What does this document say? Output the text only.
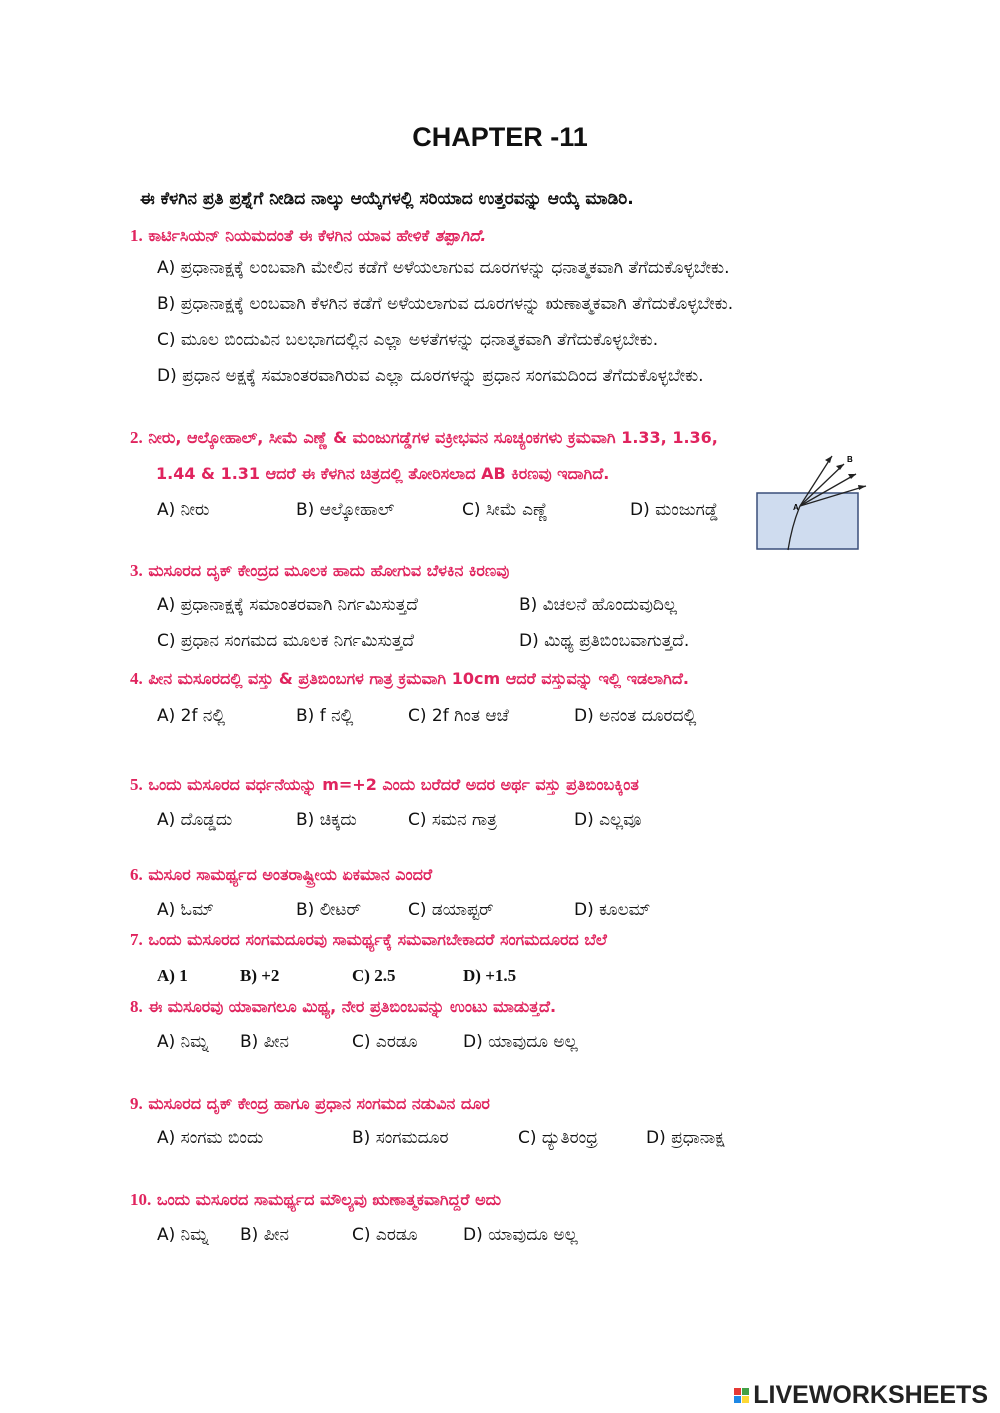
CHAPTER -11
ಈ ಕೆಳಗಿನ ಪ್ರತಿ ಪ್ರಶ್ನೆಗೆ ನೀಡಿದ ನಾಲ್ಕು ಆಯ್ಕೆಗಳಲ್ಲಿ ಸರಿಯಾದ ಉತ್ತರವನ್ನು ಆಯ್ಕೆ ಮಾಡಿರಿ.
1. ಕಾರ್ಟಿಸಿಯನ್ ನಿಯಮದಂತೆ ಈ ಕೆಳಗಿನ ಯಾವ ಹೇಳಿಕೆ ತಪ್ಪಾಗಿದೆ.
A) ಪ್ರಧಾನಾಕ್ಷಕ್ಕೆ ಲಂಬವಾಗಿ ಮೇಲಿನ ಕಡೆಗೆ ಅಳೆಯಲಾಗುವ ದೂರಗಳನ್ನು ಧನಾತ್ಮಕವಾಗಿ ತೆಗೆದುಕೊಳ್ಳಬೇಕು.
B) ಪ್ರಧಾನಾಕ್ಷಕ್ಕೆ ಲಂಬವಾಗಿ ಕೆಳಗಿನ ಕಡೆಗೆ ಅಳೆಯಲಾಗುವ ದೂರಗಳನ್ನು ಋಣಾತ್ಮಕವಾಗಿ ತೆಗೆದುಕೊಳ್ಳಬೇಕು.
C) ಮೂಲ ಬಿಂದುವಿನ ಬಲಭಾಗದಲ್ಲಿನ ಎಲ್ಲಾ ಅಳತೆಗಳನ್ನು ಧನಾತ್ಮಕವಾಗಿ ತೆಗೆದುಕೊಳ್ಳಬೇಕು.
D) ಪ್ರಧಾನ ಅಕ್ಷಕ್ಕೆ ಸಮಾಂತರವಾಗಿರುವ ಎಲ್ಲಾ ದೂರಗಳನ್ನು ಪ್ರಧಾನ ಸಂಗಮದಿಂದ ತೆಗೆದುಕೊಳ್ಳಬೇಕು.
2. ನೀರು, ಆಲ್ಕೋಹಾಲ್, ಸೀಮೆ ಎಣ್ಣೆ & ಮಂಜುಗಡ್ಡೆಗಳ ವಕ್ರೀಭವನ ಸೂಚ್ಯಂಕಗಳು ಕ್ರಮವಾಗಿ 1.33, 1.36,
1.44 & 1.31 ಆದರೆ ಈ ಕೆಳಗಿನ ಚಿತ್ರದಲ್ಲಿ ತೋರಿಸಲಾದ AB ಕಿರಣವು ಇದಾಗಿದೆ.
A) ನೀರು	B) ಆಲ್ಕೋಹಾಲ್	C) ಸೀಮೆ ಎಣ್ಣೆ	D) ಮಂಜುಗಡ್ಡೆ	A
B
3. ಮಸೂರದ ದೃಕ್ ಕೇಂದ್ರದ ಮೂಲಕ ಹಾದು ಹೋಗುವ ಬೆಳಕಿನ ಕಿರಣವು
A) ಪ್ರಧಾನಾಕ್ಷಕ್ಕೆ ಸಮಾಂತರವಾಗಿ ನಿರ್ಗಮಿಸುತ್ತದೆ	B) ವಿಚಲನೆ ಹೊಂದುವುದಿಲ್ಲ
C) ಪ್ರಧಾನ ಸಂಗಮದ ಮೂಲಕ ನಿರ್ಗಮಿಸುತ್ತದೆ	D) ಮಿಥ್ಯ ಪ್ರತಿಬಿಂಬವಾಗುತ್ತದೆ.
4. ಪೀನ ಮಸೂರದಲ್ಲಿ ವಸ್ತು & ಪ್ರತಿಬಿಂಬಗಳ ಗಾತ್ರ ಕ್ರಮವಾಗಿ 10cm ಆದರೆ ವಸ್ತುವನ್ನು ಇಲ್ಲಿ ಇಡಲಾಗಿದೆ.
A) 2f ನಲ್ಲಿ	B) f ನಲ್ಲಿ	C) 2f ಗಿಂತ ಆಚೆ	D) ಅನಂತ ದೂರದಲ್ಲಿ
5. ಒಂದು ಮಸೂರದ ವರ್ಧನೆಯನ್ನು m=+2 ಎಂದು ಬರೆದರೆ ಅದರ ಅರ್ಥ ವಸ್ತು ಪ್ರತಿಬಿಂಬಕ್ಕಿಂತ
A) ದೊಡ್ಡದು	B) ಚಿಕ್ಕದು	C) ಸಮನ ಗಾತ್ರ	D) ಎಲ್ಲವೂ
6. ಮಸೂರ ಸಾಮರ್ಥ್ಯದ ಅಂತರಾಷ್ಟ್ರೀಯ ಏಕಮಾನ ಎಂದರೆ
A) ಓಮ್	B) ಲೀಟರ್	C) ಡಯಾಪ್ಟರ್	D) ಕೂಲಮ್
7. ಒಂದು ಮಸೂರದ ಸಂಗಮದೂರವು ಸಾಮರ್ಥ್ಯಕ್ಕೆ ಸಮವಾಗಬೇಕಾದರೆ ಸಂಗಮದೂರದ ಬೆಲೆ
A) 1	B) +2	C) 2.5	D) +1.5
8. ಈ ಮಸೂರವು ಯಾವಾಗಲೂ ಮಿಥ್ಯ, ನೇರ ಪ್ರತಿಬಿಂಬವನ್ನು ಉಂಟು ಮಾಡುತ್ತದೆ.
A) ನಿಮ್ನ B) ಪೀನ	C) ಎರಡೂ	D) ಯಾವುದೂ ಅಲ್ಲ
9. ಮಸೂರದ ದೃಕ್ ಕೇಂದ್ರ ಹಾಗೂ ಪ್ರಧಾನ ಸಂಗಮದ ನಡುವಿನ ದೂರ
A) ಸಂಗಮ ಬಿಂದು	B) ಸಂಗಮದೂರ	C) ದ್ಯುತಿರಂಧ್ರ	D) ಪ್ರಧಾನಾಕ್ಷ
10. ಒಂದು ಮಸೂರದ ಸಾಮರ್ಥ್ಯದ ಮೌಲ್ಯವು ಋಣಾತ್ಮಕವಾಗಿದ್ದರೆ ಅದು
A) ನಿಮ್ನ B) ಪೀನ	C) ಎರಡೂ	D) ಯಾವುದೂ ಅಲ್ಲ
LIVEWORKSHEETS
